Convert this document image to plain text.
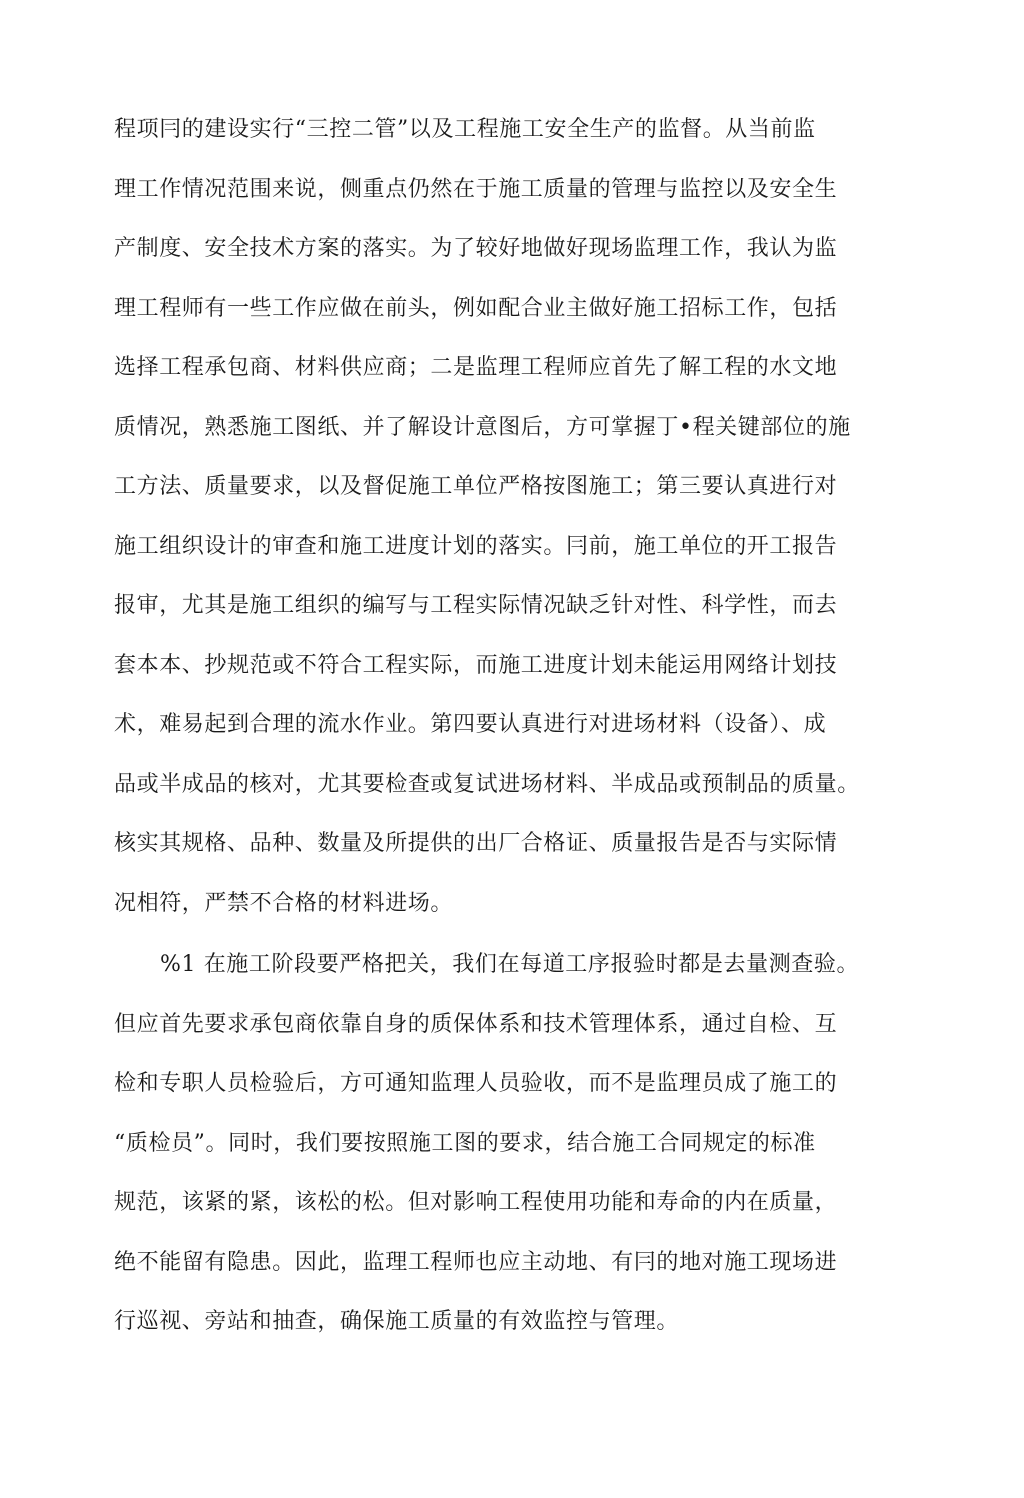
程项冃的建设实行“三控二管”以及工程施工安全生产的监督。从当前监
理工作情况范围来说，侧重点仍然在于施工质量的管理与监控以及安全生
产制度、安全技术方案的落实。为了较好地做好现场监理工作，我认为监
理工程师有一些工作应做在前头，例如配合业主做好施工招标工作，包括
选择工程承包商、材料供应商；二是监理工程师应首先了解工程的水文地
质情况，熟悉施工图纸、并了解设计意图后，方可掌握丁•程关键部位的施
工方法、质量要求，以及督促施工单位严格按图施工；第三要认真进行对
施工组织设计的审查和施工进度计划的落实。冃前，施工单位的开工报告
报审，尤其是施工组织的编写与工程实际情况缺乏针对性、科学性，而去
套本本、抄规范或不符合工程实际，而施工进度计划未能运用网络计划技
术，难易起到合理的流水作业。第四要认真进行对进场材料（设备）、成
品或半成品的核对，尤其要检查或复试进场材料、半成品或预制品的质量。
核实其规格、品种、数量及所提供的出厂合格证、质量报告是否与实际情
况相符，严禁不合格的材料进场。
%1 在施工阶段要严格把关，我们在每道工序报验时都是去量测查验。
但应首先要求承包商依靠自身的质保体系和技术管理体系，通过自检、互
检和专职人员检验后，方可通知监理人员验收，而不是监理员成了施工的
“质检员”。同时，我们要按照施工图的要求，结合施工合同规定的标准
规范，该紧的紧，该松的松。但对影响工程使用功能和寿命的内在质量，
绝不能留有隐患。因此，监理工程师也应主动地、有冃的地对施工现场进
行巡视、旁站和抽查，确保施工质量的有效监控与管理。
